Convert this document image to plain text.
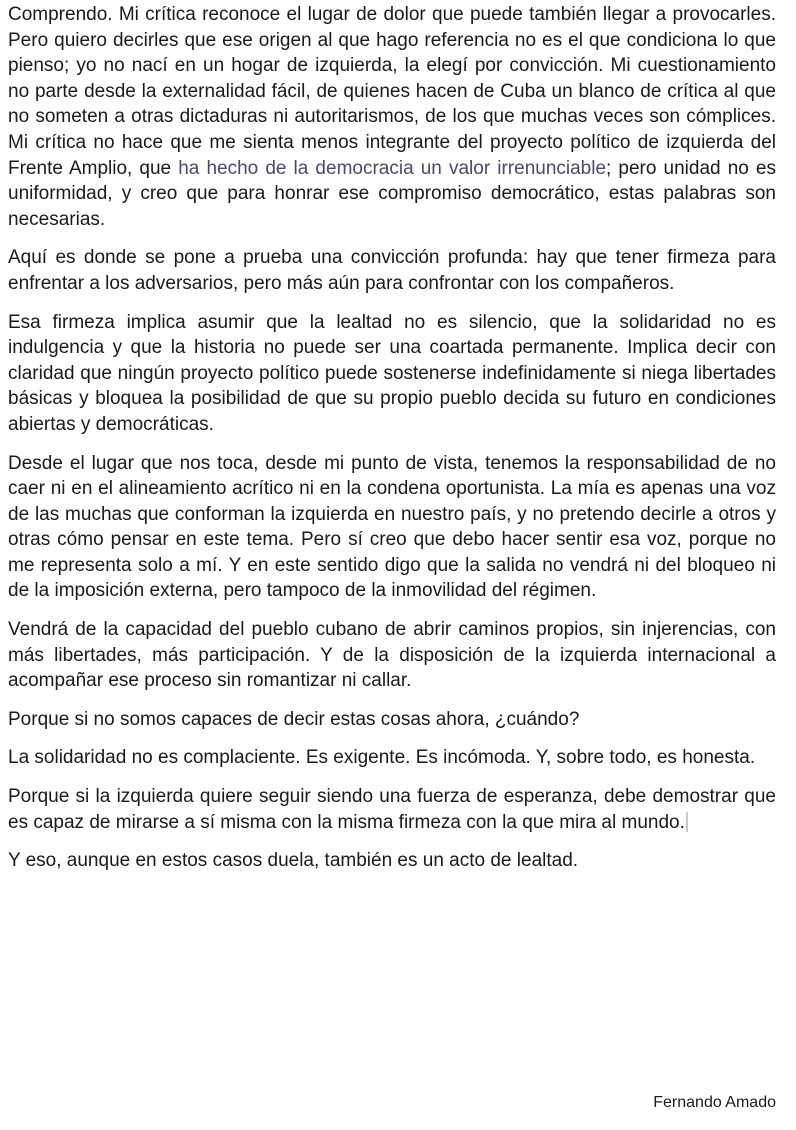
Comprendo. Mi crítica reconoce el lugar de dolor que puede también llegar a provocarles. Pero quiero decirles que ese origen al que hago referencia no es el que condiciona lo que pienso; yo no nací en un hogar de izquierda, la elegí por convicción. Mi cuestionamiento no parte desde la externalidad fácil, de quienes hacen de Cuba un blanco de crítica al que no someten a otras dictaduras ni autoritarismos, de los que muchas veces son cómplices. Mi crítica no hace que me sienta menos integrante del proyecto político de izquierda del Frente Amplio, que ha hecho de la democracia un valor irrenunciable; pero unidad no es uniformidad, y creo que para honrar ese compromiso democrático, estas palabras son necesarias.

Aquí es donde se pone a prueba una convicción profunda: hay que tener firmeza para enfrentar a los adversarios, pero más aún para confrontar con los compañeros.

Esa firmeza implica asumir que la lealtad no es silencio, que la solidaridad no es indulgencia y que la historia no puede ser una coartada permanente. Implica decir con claridad que ningún proyecto político puede sostenerse indefinidamente si niega libertades básicas y bloquea la posibilidad de que su propio pueblo decida su futuro en condiciones abiertas y democráticas.

Desde el lugar que nos toca, desde mi punto de vista, tenemos la responsabilidad de no caer ni en el alineamiento acrítico ni en la condena oportunista. La mía es apenas una voz de las muchas que conforman la izquierda en nuestro país, y no pretendo decirle a otros y otras cómo pensar en este tema. Pero sí creo que debo hacer sentir esa voz, porque no me representa solo a mí. Y en este sentido digo que la salida no vendrá ni del bloqueo ni de la imposición externa, pero tampoco de la inmovilidad del régimen.

Vendrá de la capacidad del pueblo cubano de abrir caminos propios, sin injerencias, con más libertades, más participación. Y de la disposición de la izquierda internacional a acompañar ese proceso sin romantizar ni callar.

Porque si no somos capaces de decir estas cosas ahora, ¿cuándo?

La solidaridad no es complaciente. Es exigente. Es incómoda. Y, sobre todo, es honesta.

Porque si la izquierda quiere seguir siendo una fuerza de esperanza, debe demostrar que es capaz de mirarse a sí misma con la misma firmeza con la que mira al mundo.

Y eso, aunque en estos casos duela, también es un acto de lealtad.

Fernando Amado
